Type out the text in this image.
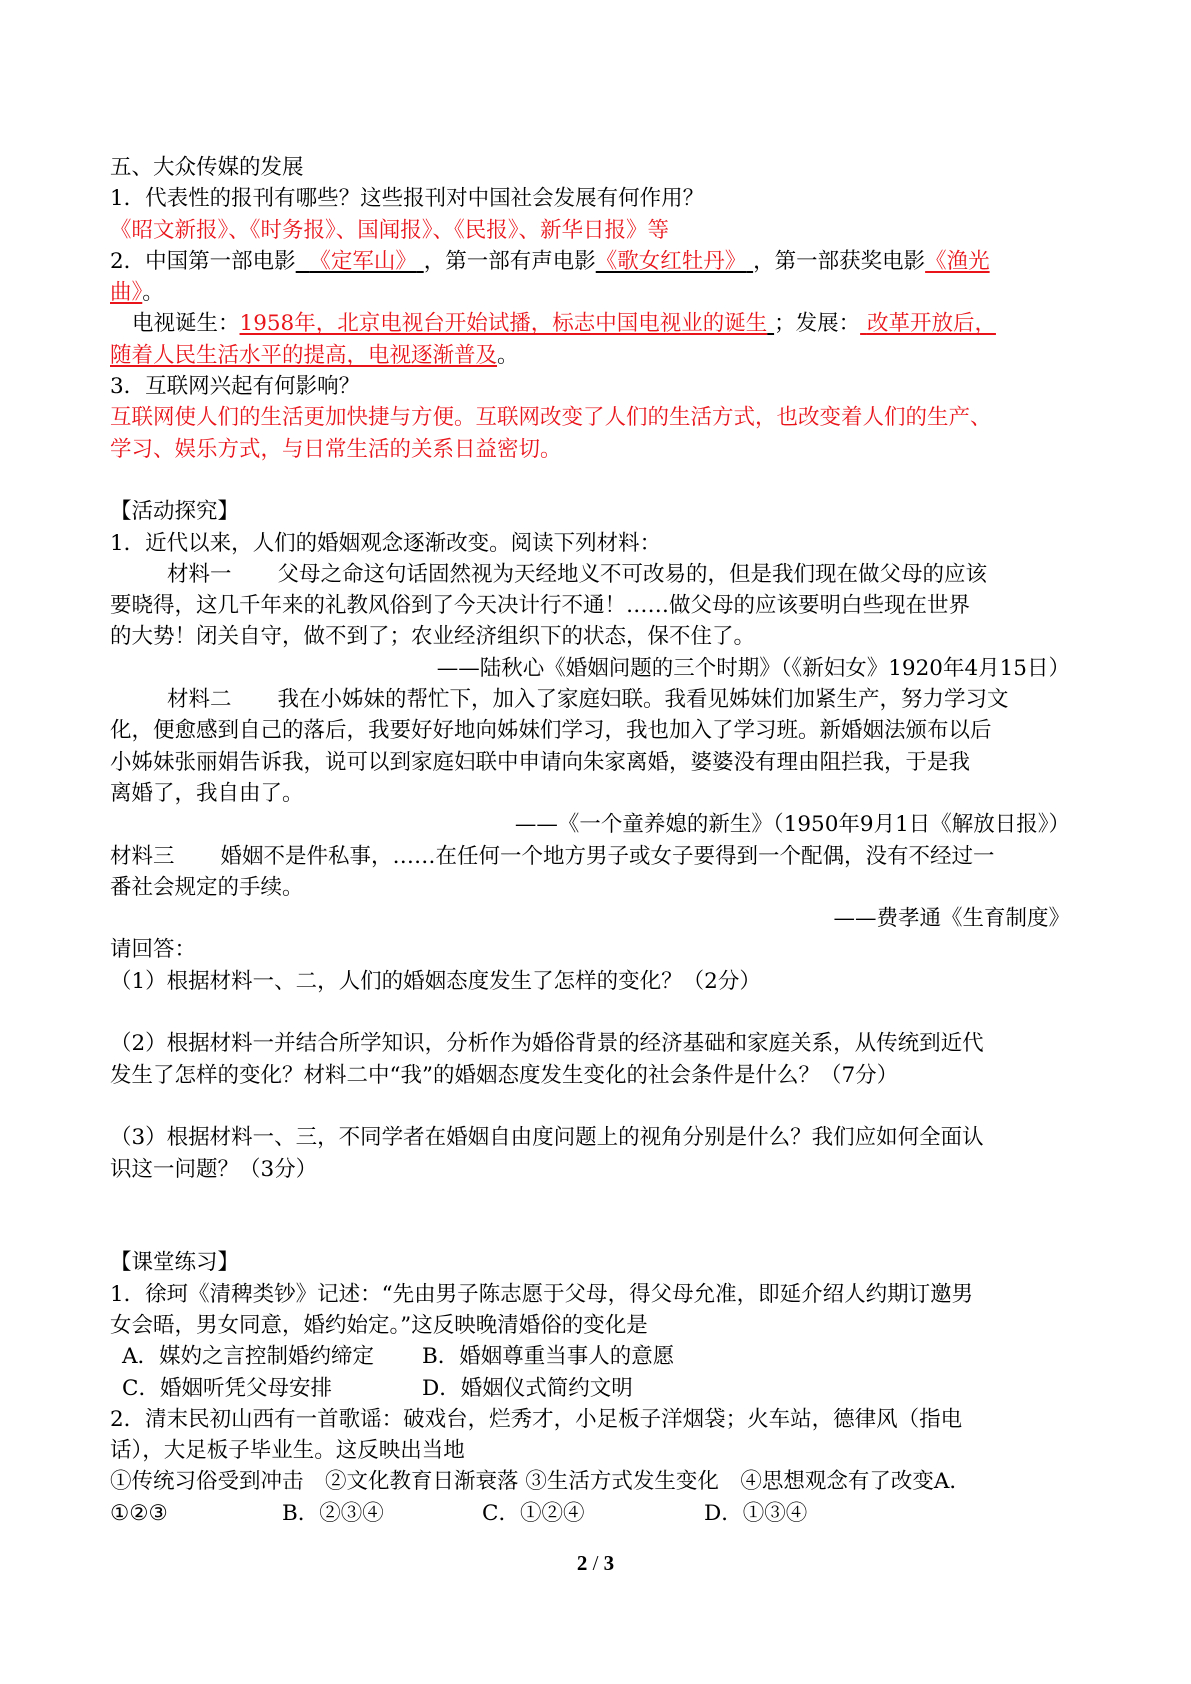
五、大众传媒的发展
1．代表性的报刊有哪些？这些报刊对中国社会发展有何作用？
《昭文新报》、《时务报》、国闻报》、《民报》、新华日报》等
2．中国第一部电影 《定军山》 ，第一部有声电影《歌女红牡丹》 ，第一部获奖电影《渔光
曲》。
电视诞生：1958年，北京电视台开始试播，标志中国电视业的诞生 ；发展： 改革开放后，
随着人民生活水平的提高，电视逐渐普及。
3．互联网兴起有何影响？
互联网使人们的生活更加快捷与方便。互联网改变了人们的生活方式，也改变着人们的生产、
学习、娱乐方式，与日常生活的关系日益密切。
【活动探究】
1．近代以来，人们的婚姻观念逐渐改变。阅读下列材料：
材料一 父母之命这句话固然视为天经地义不可改易的，但是我们现在做父母的应该
要晓得，这几千年来的礼教风俗到了今天决计行不通！……做父母的应该要明白些现在世界
的大势！闭关自守，做不到了；农业经济组织下的状态，保不住了。
——陆秋心《婚姻问题的三个时期》（《新妇女》1920年4月15日）
材料二 我在小姊妹的帮忙下，加入了家庭妇联。我看见姊妹们加紧生产，努力学习文
化，便愈感到自己的落后，我要好好地向姊妹们学习，我也加入了学习班。新婚姻法颁布以后
小姊妹张丽娟告诉我，说可以到家庭妇联中申请向朱家离婚，婆婆没有理由阻拦我，于是我
离婚了，我自由了。
——《一个童养媳的新生》（1950年9月1日《解放日报》）
材料三 婚姻不是件私事，……在任何一个地方男子或女子要得到一个配偶，没有不经过一
番社会规定的手续。
——费孝通《生育制度》
请回答：
（1）根据材料一、二，人们的婚姻态度发生了怎样的变化？（2分）
（2）根据材料一并结合所学知识，分析作为婚俗背景的经济基础和家庭关系，从传统到近代
发生了怎样的变化？材料二中“我”的婚姻态度发生变化的社会条件是什么？（7分）
（3）根据材料一、三，不同学者在婚姻自由度问题上的视角分别是什么？我们应如何全面认
识这一问题？（3分）
【课堂练习】
1．徐珂《清稗类钞》记述：“先由男子陈志愿于父母，得父母允准，即延介绍人约期订邀男
女会晤，男女同意，婚约始定。”这反映晚清婚俗的变化是
A．媒妁之言控制婚约缔定 B．婚姻尊重当事人的意愿
C．婚姻听凭父母安排	D．婚姻仪式简约文明
2．清末民初山西有一首歌谣：破戏台，烂秀才，小足板子洋烟袋；火车站，德律风（指电
话），大足板子毕业生。这反映出当地
①传统习俗受到冲击　②文化教育日渐衰落 ③生活方式发生变化　④思想观念有了改变A．
①②③	B．②③④	C．①②④	D．①③④
2 / 3
